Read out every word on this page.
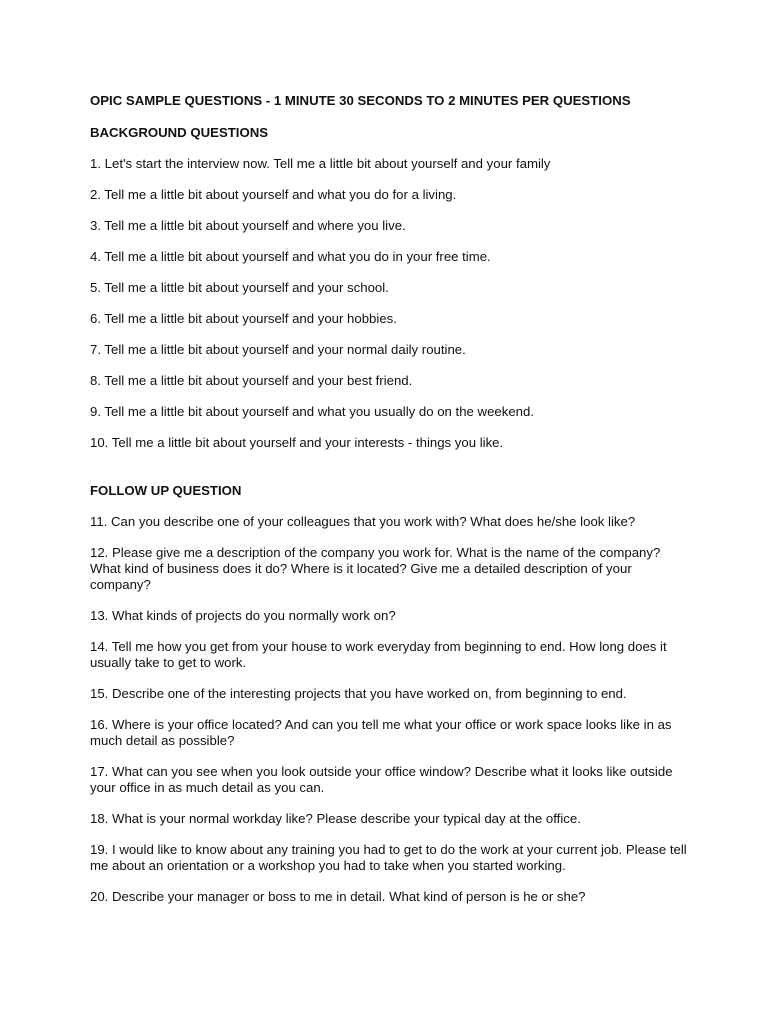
OPIC SAMPLE QUESTIONS - 1 MINUTE 30 SECONDS TO 2 MINUTES PER QUESTIONS
BACKGROUND QUESTIONS
1. Let's start the interview now. Tell me a little bit about yourself and your family
2. Tell me a little bit about yourself and what you do for a living.
3. Tell me a little bit about yourself and where you live.
4. Tell me a little bit about yourself and what you do in your free time.
5. Tell me a little bit about yourself and your school.
6. Tell me a little bit about yourself and your hobbies.
7. Tell me a little bit about yourself and your normal daily routine.
8. Tell me a little bit about yourself and your best friend.
9. Tell me a little bit about yourself and what you usually do on the weekend.
10. Tell me a little bit about yourself and your interests - things you like.
FOLLOW UP QUESTION
11. Can you describe one of your colleagues that you work with? What does he/she look like?
12. Please give me a description of the company you work for. What is the name of the company? What kind of business does it do? Where is it located? Give me a detailed description of your company?
13. What kinds of projects do you normally work on?
14. Tell me how you get from your house to work everyday from beginning to end. How long does it usually take to get to work.
15. Describe one of the interesting projects that you have worked on, from beginning to end.
16. Where is your office located? And can you tell me what your office or work space looks like in as much detail as possible?
17. What can you see when you look outside your office window? Describe what it looks like outside your office in as much detail as you can.
18. What is your normal workday like? Please describe your typical day at the office.
19. I would like to know about any training you had to get to do the work at your current job. Please tell me about an orientation or a workshop you had to take when you started working.
20. Describe your manager or boss to me in detail. What kind of person is he or she?
